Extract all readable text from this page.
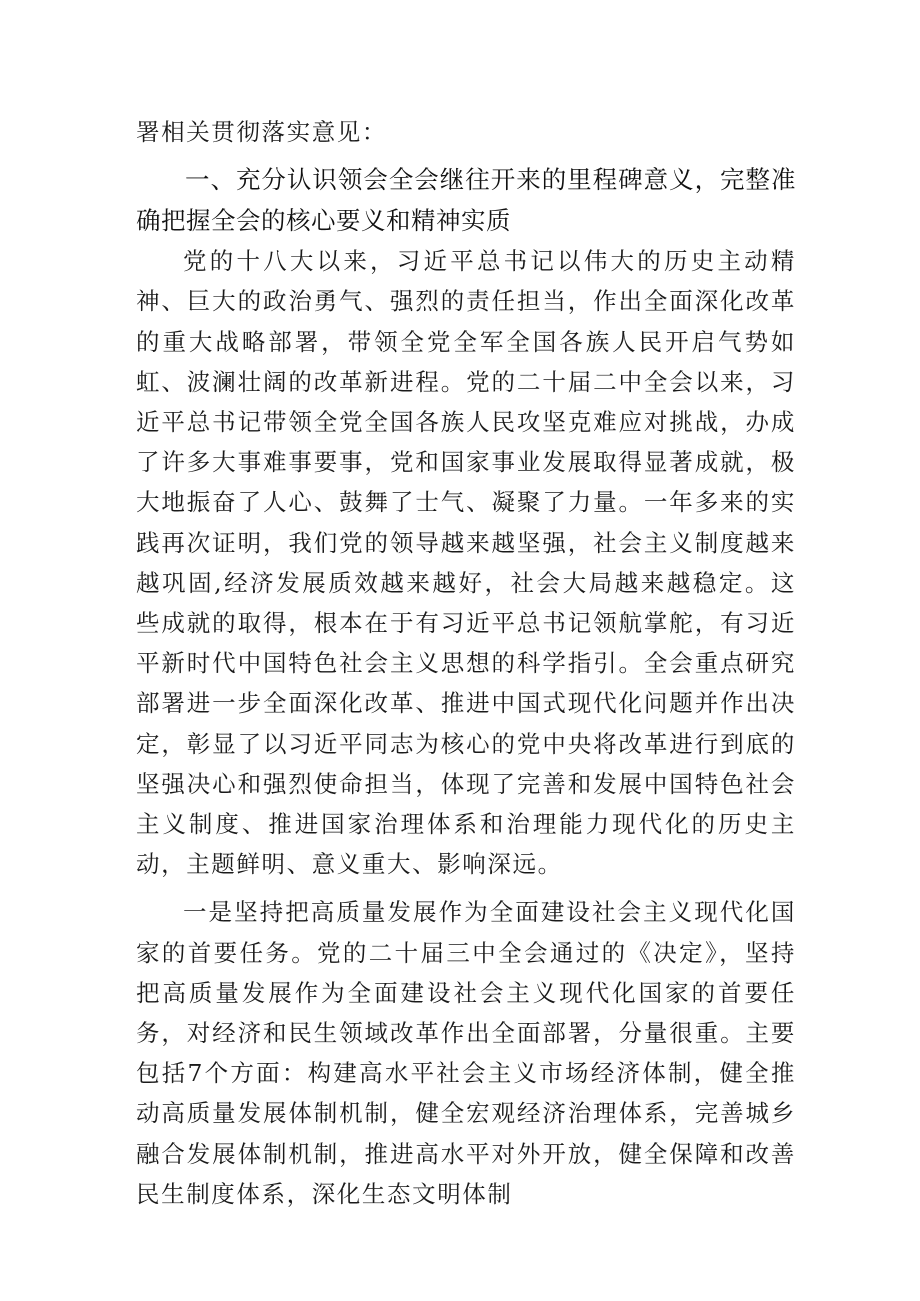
署相关贯彻落实意见：

一、充分认识领会全会继往开来的里程碑意义，完整准确把握全会的核心要义和精神实质

党的十八大以来，习近平总书记以伟大的历史主动精神、巨大的政治勇气、强烈的责任担当，作出全面深化改革的重大战略部署，带领全党全军全国各族人民开启气势如虹、波澜壮阔的改革新进程。党的二十届二中全会以来，习近平总书记带领全党全国各族人民攻坚克难应对挑战，办成了许多大事难事要事，党和国家事业发展取得显著成就，极大地振奋了人心、鼓舞了士气、凝聚了力量。一年多来的实践再次证明，我们党的领导越来越坚强，社会主义制度越来越巩固,经济发展质效越来越好，社会大局越来越稳定。这些成就的取得，根本在于有习近平总书记领航掌舵，有习近平新时代中国特色社会主义思想的科学指引。全会重点研究部署进一步全面深化改革、推进中国式现代化问题并作出决定，彰显了以习近平同志为核心的党中央将改革进行到底的坚强决心和强烈使命担当，体现了完善和发展中国特色社会主义制度、推进国家治理体系和治理能力现代化的历史主动，主题鲜明、意义重大、影响深远。

一是坚持把高质量发展作为全面建设社会主义现代化国家的首要任务。党的二十届三中全会通过的《决定》，坚持把高质量发展作为全面建设社会主义现代化国家的首要任务，对经济和民生领域改革作出全面部署，分量很重。主要包括7个方面：构建高水平社会主义市场经济体制，健全推动高质量发展体制机制，健全宏观经济治理体系，完善城乡融合发展体制机制，推进高水平对外开放，健全保障和改善民生制度体系，深化生态文明体制
